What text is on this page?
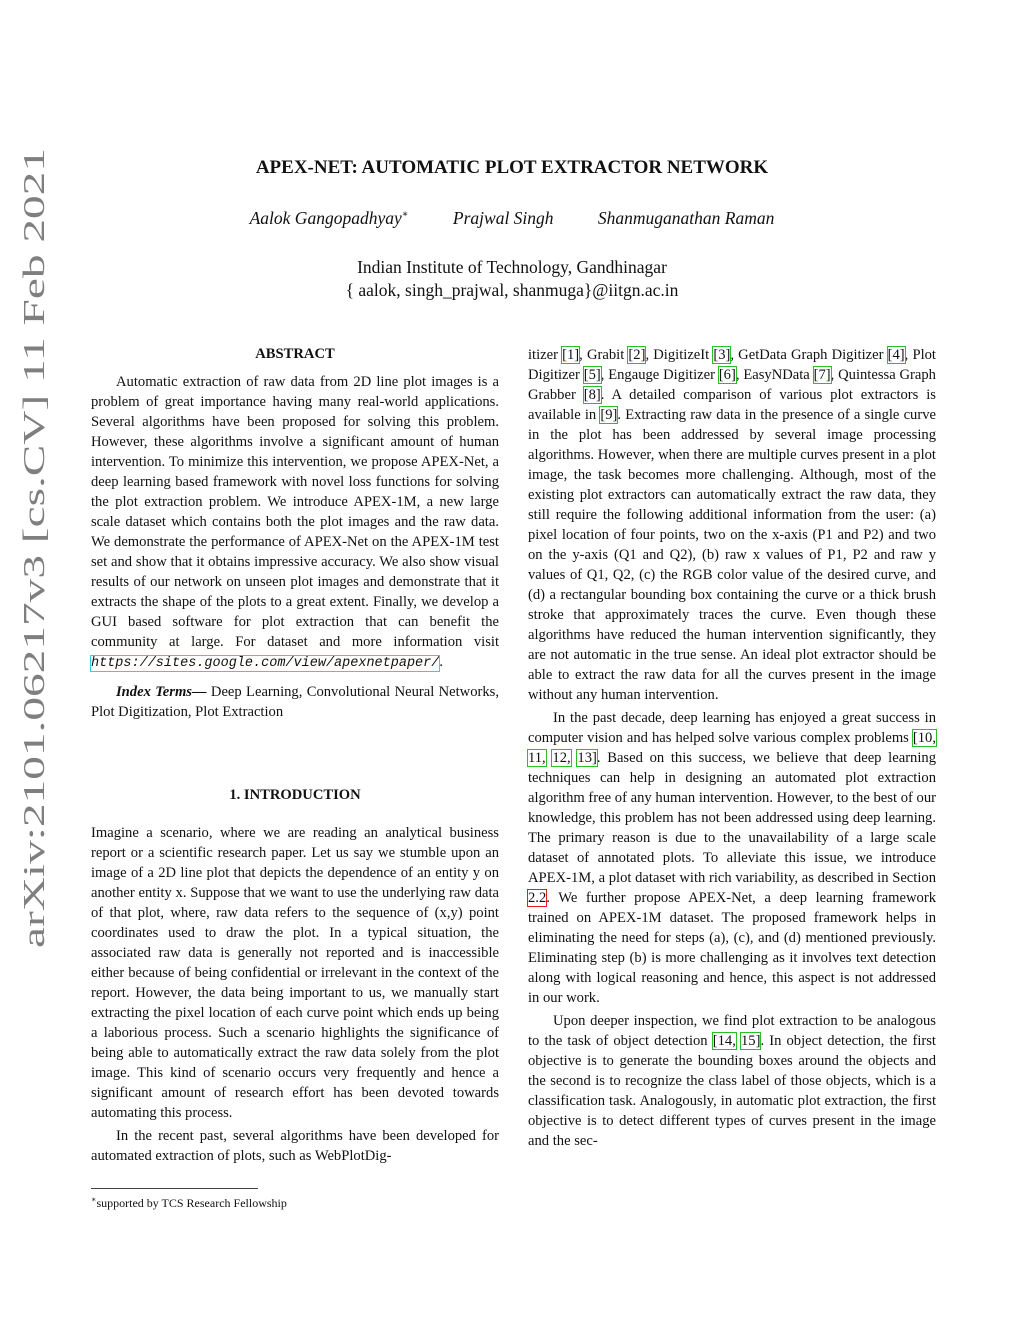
arXiv:2101.06217v3 [cs.CV] 11 Feb 2021
APEX-NET: AUTOMATIC PLOT EXTRACTOR NETWORK
Aalok Gangopadhyay∗	Prajwal Singh	Shanmuganathan Raman
Indian Institute of Technology, Gandhinagar
{ aalok, singh_prajwal, shanmuga}@iitgn.ac.in
ABSTRACT

Automatic extraction of raw data from 2D line plot images is a problem of great importance having many real-world applications. Several algorithms have been proposed for solving this problem. However, these algorithms involve a significant amount of human intervention. To minimize this intervention, we propose APEX-Net, a deep learning based framework with novel loss functions for solving the plot extraction problem. We introduce APEX-1M, a new large scale dataset which contains both the plot images and the raw data. We demonstrate the performance of APEX-Net on the APEX-1M test set and show that it obtains impressive accuracy. We also show visual results of our network on unseen plot images and demonstrate that it extracts the shape of the plots to a great extent. Finally, we develop a GUI based software for plot extraction that can benefit the community at large. For dataset and more information visit https://sites.google.com/view/apexnetpaper/.

Index Terms— Deep Learning, Convolutional Neural Networks, Plot Digitization, Plot Extraction

1. INTRODUCTION

Imagine a scenario, where we are reading an analytical business report or a scientific research paper. Let us say we stumble upon an image of a 2D line plot that depicts the dependence of an entity y on another entity x. Suppose that we want to use the underlying raw data of that plot, where, raw data refers to the sequence of (x,y) point coordinates used to draw the plot. In a typical situation, the associated raw data is generally not reported and is inaccessible either because of being confidential or irrelevant in the context of the report. However, the data being important to us, we manually start extracting the pixel location of each curve point which ends up being a laborious process. Such a scenario highlights the significance of being able to automatically extract the raw data solely from the plot image. This kind of scenario occurs very frequently and hence a significant amount of research effort has been devoted towards automating this process.

In the recent past, several algorithms have been developed for automated extraction of plots, such as WebPlotDig-

∗supported by TCS Research Fellowship

itizer [1], Grabit [2], DigitizeIt [3], GetData Graph Digitizer [4], Plot Digitizer [5], Engauge Digitizer [6], EasyNData [7], Quintessa Graph Grabber [8]. A detailed comparison of various plot extractors is available in [9]. Extracting raw data in the presence of a single curve in the plot has been addressed by several image processing algorithms. However, when there are multiple curves present in a plot image, the task becomes more challenging. Although, most of the existing plot extractors can automatically extract the raw data, they still require the following additional information from the user: (a) pixel location of four points, two on the x-axis (P1 and P2) and two on the y-axis (Q1 and Q2), (b) raw x values of P1, P2 and raw y values of Q1, Q2, (c) the RGB color value of the desired curve, and (d) a rectangular bounding box containing the curve or a thick brush stroke that approximately traces the curve. Even though these algorithms have reduced the human intervention significantly, they are not automatic in the true sense. An ideal plot extractor should be able to extract the raw data for all the curves present in the image without any human intervention.

In the past decade, deep learning has enjoyed a great success in computer vision and has helped solve various complex problems [10, 11, 12, 13]. Based on this success, we believe that deep learning techniques can help in designing an automated plot extraction algorithm free of any human intervention. However, to the best of our knowledge, this problem has not been addressed using deep learning. The primary reason is due to the unavailability of a large scale dataset of annotated plots. To alleviate this issue, we introduce APEX-1M, a plot dataset with rich variability, as described in Section 2.2. We further propose APEX-Net, a deep learning framework trained on APEX-1M dataset. The proposed framework helps in eliminating the need for steps (a), (c), and (d) mentioned previously. Eliminating step (b) is more challenging as it involves text detection along with logical reasoning and hence, this aspect is not addressed in our work.

Upon deeper inspection, we find plot extraction to be analogous to the task of object detection [14, 15]. In object detection, the first objective is to generate the bounding boxes around the objects and the second is to recognize the class label of those objects, which is a classification task. Analogously, in automatic plot extraction, the first objective is to detect different types of curves present in the image and the sec-
